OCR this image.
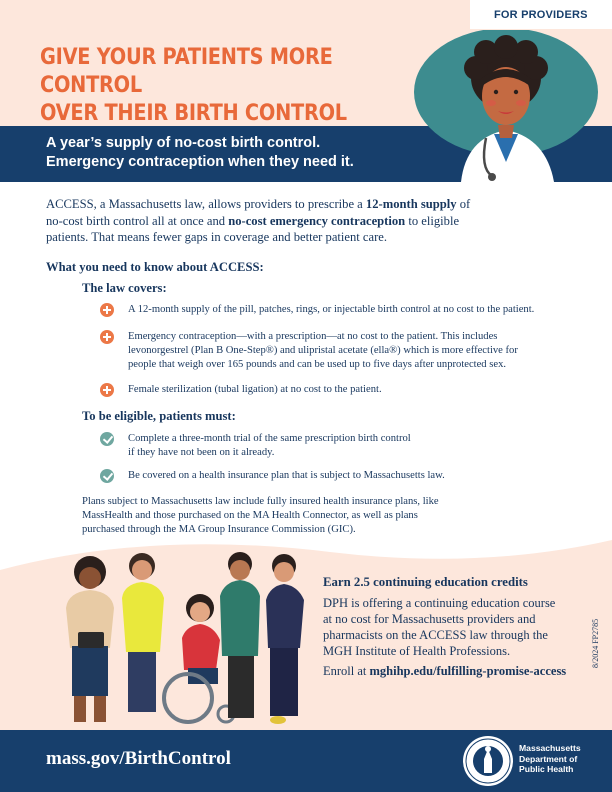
FOR PROVIDERS
GIVE YOUR PATIENTS MORE CONTROL
OVER THEIR BIRTH CONTROL
A year’s supply of no-cost birth control.
Emergency contraception when they need it.
ACCESS, a Massachusetts law, allows providers to prescribe a 12-month supply of
no-cost birth control all at once and no-cost emergency contraception to eligible
patients. That means fewer gaps in coverage and better patient care.
What you need to know about ACCESS:
The law covers:
A 12-month supply of the pill, patches, rings, or injectable birth control at no cost to the patient.
Emergency contraception—with a prescription—at no cost to the patient. This includes
levonorgestrel (Plan B One-Step®) and ulipristal acetate (ella®) which is more effective for
people that weigh over 165 pounds and can be used up to five days after unprotected sex.
Female sterilization (tubal ligation) at no cost to the patient.
To be eligible, patients must:
Complete a three-month trial of the same prescription birth control
if they have not been on it already.
Be covered on a health insurance plan that is subject to Massachusetts law.
Plans subject to Massachusetts law include fully insured health insurance plans, like
MassHealth and those purchased on the MA Health Connector, as well as plans
purchased through the MA Group Insurance Commission (GIC).
Earn 2.5 continuing education credits
DPH is offering a continuing education course
at no cost for Massachusetts providers and
pharmacists on the ACCESS law through the
MGH Institute of Health Professions.
Enroll at mghihp.edu/fulfilling-promise-access
8/2024 FP2785
mass.gov/BirthControl	Massachusetts
Department of
Public Health
